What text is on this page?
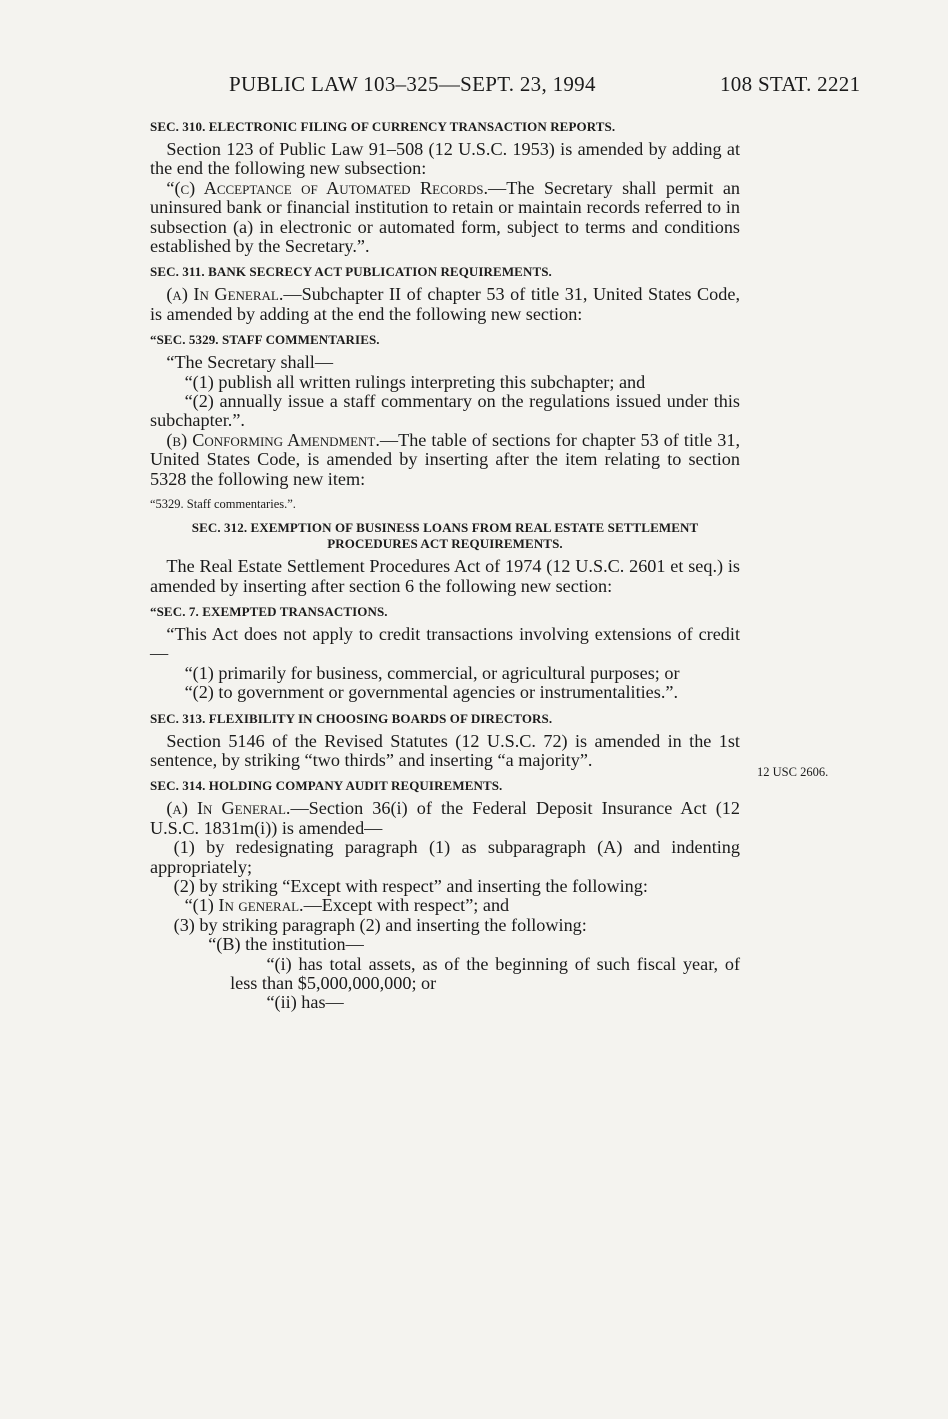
PUBLIC LAW 103–325—SEPT. 23, 1994	108 STAT. 2221
12 USC 2606.
SEC. 310. ELECTRONIC FILING OF CURRENCY TRANSACTION REPORTS.

Section 123 of Public Law 91–508 (12 U.S.C. 1953) is amended by adding at the end the following new subsection:

“(c) Acceptance of Automated Records.—The Secretary shall permit an uninsured bank or financial institution to retain or maintain records referred to in subsection (a) in electronic or automated form, subject to terms and conditions established by the Secretary.”.

SEC. 311. BANK SECRECY ACT PUBLICATION REQUIREMENTS.

(a) In General.—Subchapter II of chapter 53 of title 31, United States Code, is amended by adding at the end the following new section:

“SEC. 5329. STAFF COMMENTARIES.

“The Secretary shall—

“(1) publish all written rulings interpreting this subchapter; and

“(2) annually issue a staff commentary on the regulations issued under this subchapter.”.

(b) Conforming Amendment.—The table of sections for chapter 53 of title 31, United States Code, is amended by inserting after the item relating to section 5328 the following new item:

“5329. Staff commentaries.”.
SEC. 312. EXEMPTION OF BUSINESS LOANS FROM REAL ESTATE SETTLEMENT PROCEDURES ACT REQUIREMENTS.

The Real Estate Settlement Procedures Act of 1974 (12 U.S.C. 2601 et seq.) is amended by inserting after section 6 the following new section:

“SEC. 7. EXEMPTED TRANSACTIONS.

“This Act does not apply to credit transactions involving extensions of credit—

“(1) primarily for business, commercial, or agricultural purposes; or

“(2) to government or governmental agencies or instrumentalities.”.

SEC. 313. FLEXIBILITY IN CHOOSING BOARDS OF DIRECTORS.

Section 5146 of the Revised Statutes (12 U.S.C. 72) is amended in the 1st sentence, by striking “two thirds” and inserting “a majority”.

SEC. 314. HOLDING COMPANY AUDIT REQUIREMENTS.

(a) In General.—Section 36(i) of the Federal Deposit Insurance Act (12 U.S.C. 1831m(i)) is amended—

(1) by redesignating paragraph (1) as subparagraph (A) and indenting appropriately;

(2) by striking “Except with respect” and inserting the following:

“(1) In general.—Except with respect”; and

(3) by striking paragraph (2) and inserting the following:

“(B) the institution—

“(i) has total assets, as of the beginning of such fiscal year, of less than $5,000,000,000; or

“(ii) has—
